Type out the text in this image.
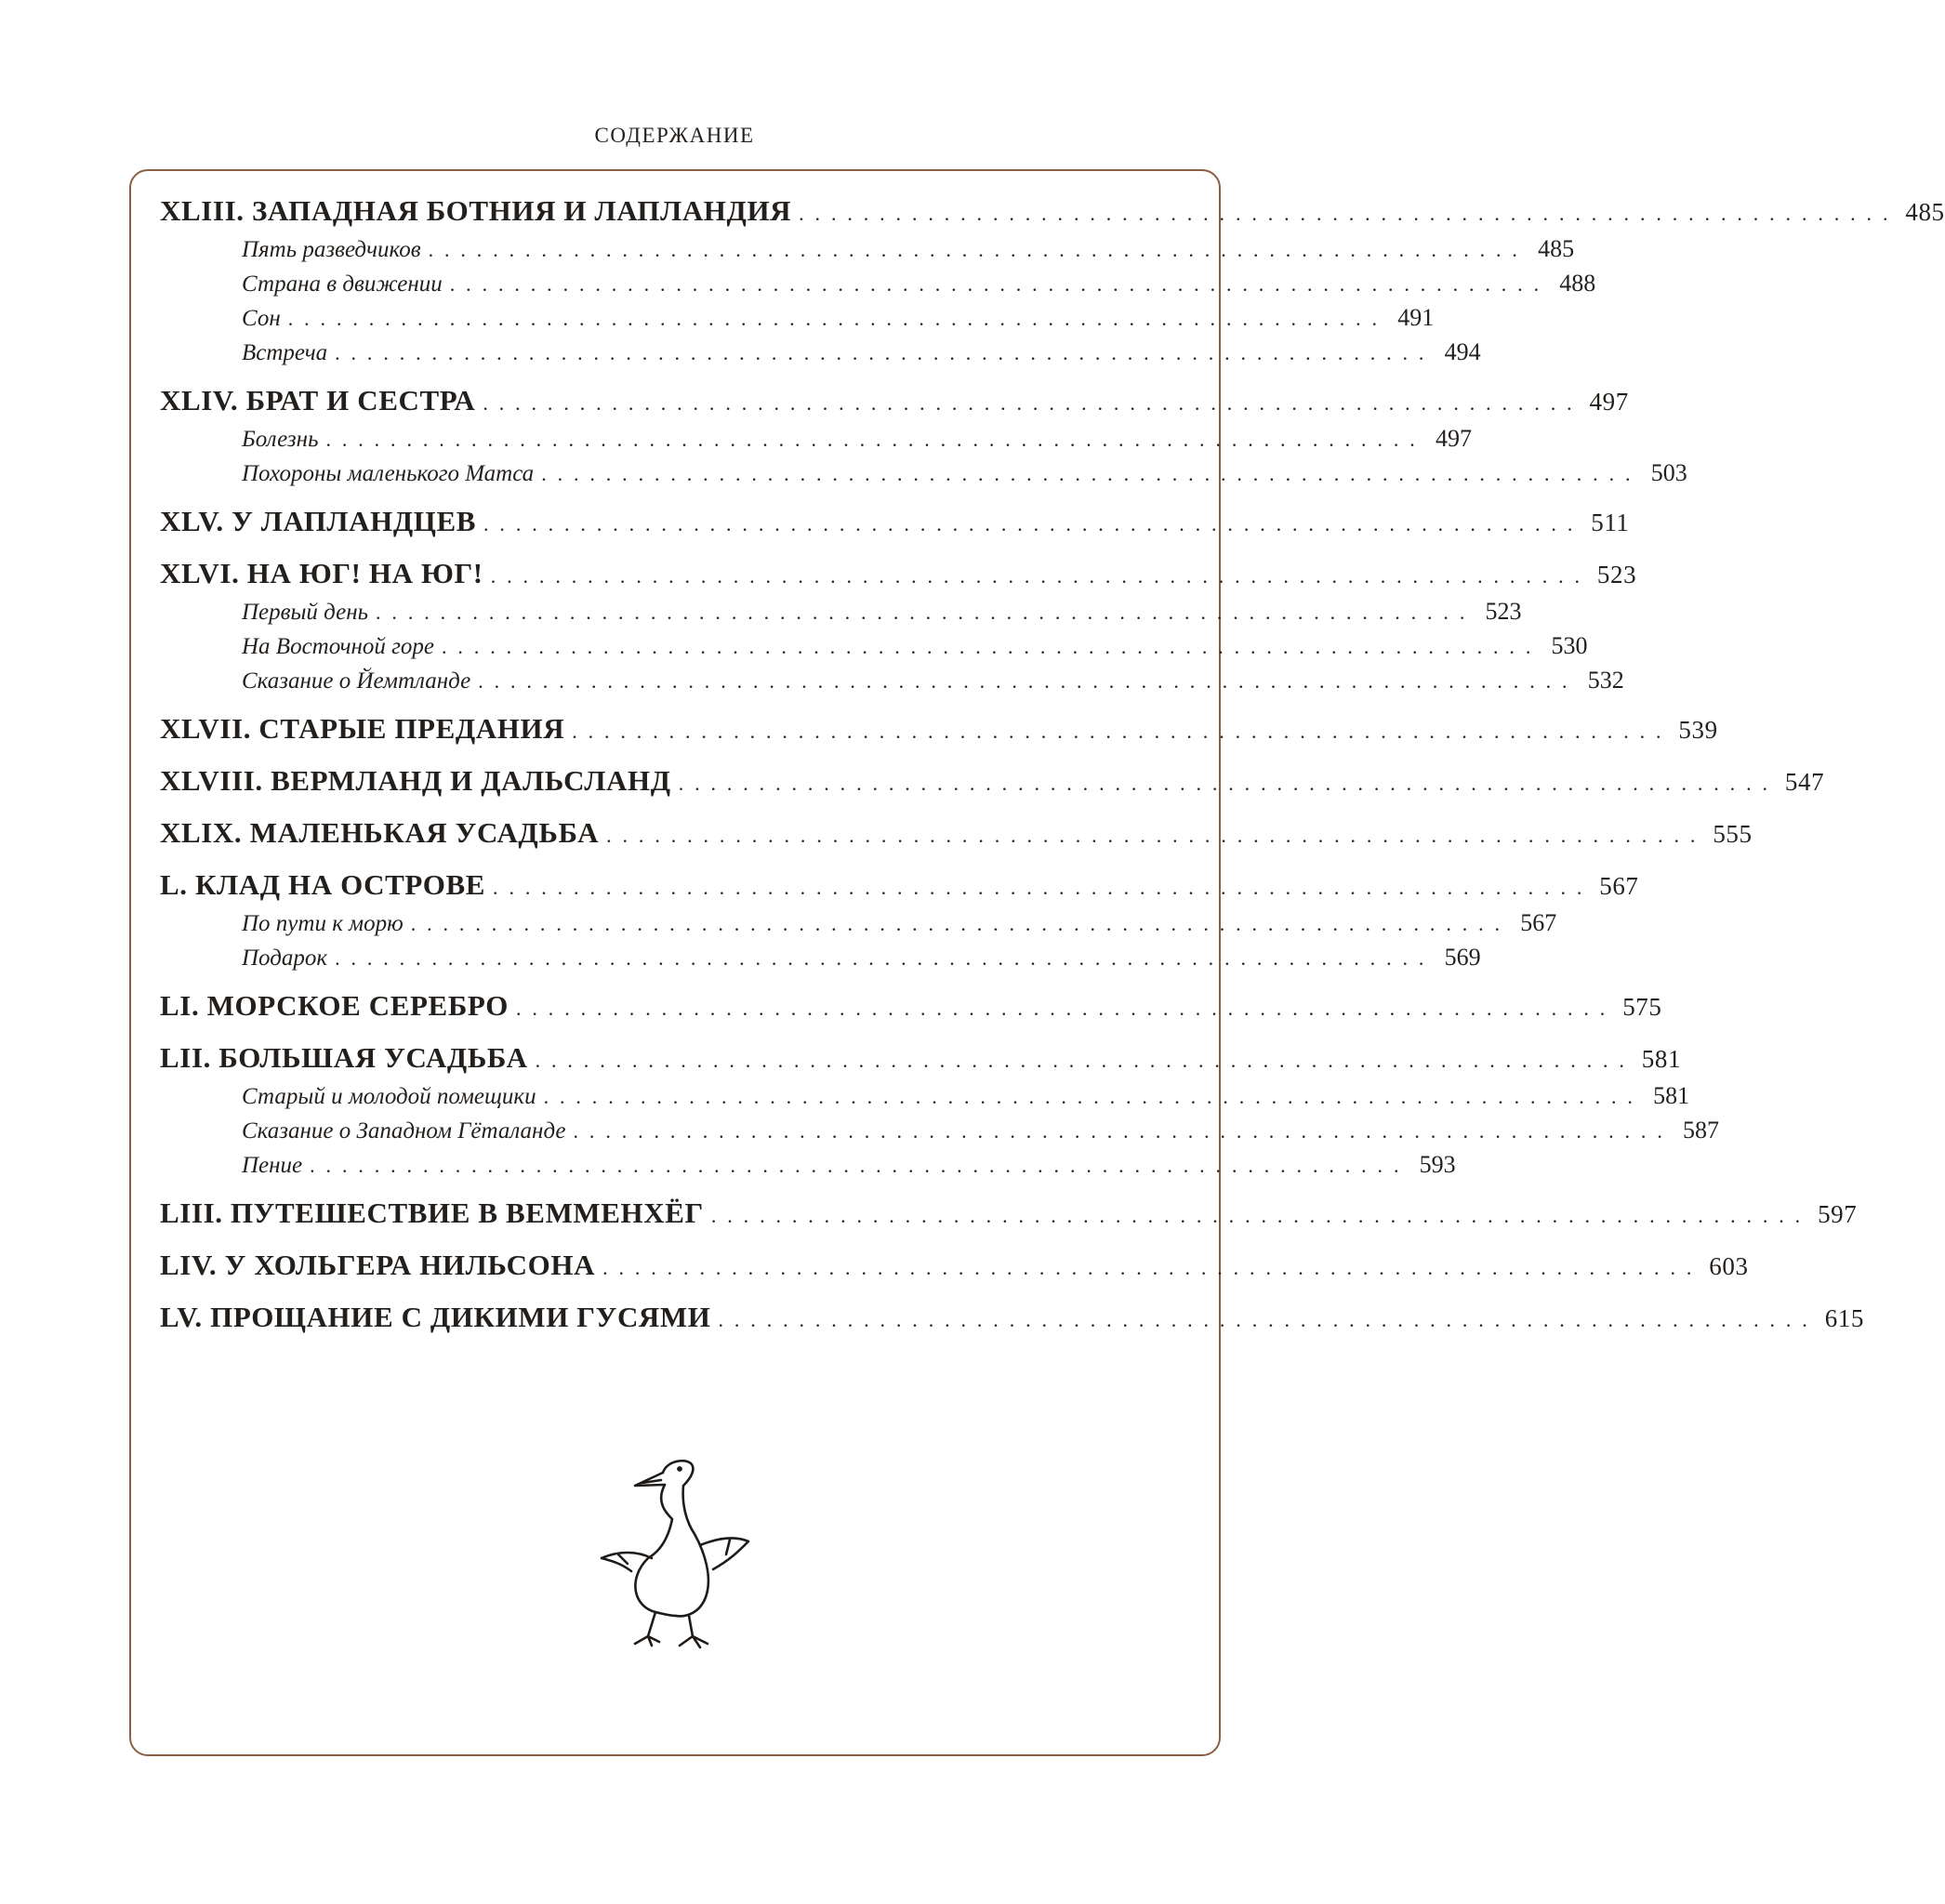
СОДЕРЖАНИЕ
XLIII. ЗАПАДНАЯ БОТНИЯ И ЛАПЛАНДИЯ . . . . . . . . . . . . . . . . . . . . . . . . . . . . . . . . . . . . . . . . . . . . . . . . . . . . . . . . . . . . . . . . . . . . 485
Пять разведчиков . . . . . . . . . . . . . . . . . . . . . . . . . . . . . . . . . . . . . . . . . . . . . . . . . . . . . . . . . . . . . . . . . . . . 485
Страна в движении . . . . . . . . . . . . . . . . . . . . . . . . . . . . . . . . . . . . . . . . . . . . . . . . . . . . . . . . . . . . . . . . . . . . 488
Сон . . . . . . . . . . . . . . . . . . . . . . . . . . . . . . . . . . . . . . . . . . . . . . . . . . . . . . . . . . . . . . . . . . . . 491
Встреча . . . . . . . . . . . . . . . . . . . . . . . . . . . . . . . . . . . . . . . . . . . . . . . . . . . . . . . . . . . . . . . . . . . . 494
XLIV. БРАТ И СЕСТРА . . . . . . . . . . . . . . . . . . . . . . . . . . . . . . . . . . . . . . . . . . . . . . . . . . . . . . . . . . . . . . . . . . . . 497
Болезнь . . . . . . . . . . . . . . . . . . . . . . . . . . . . . . . . . . . . . . . . . . . . . . . . . . . . . . . . . . . . . . . . . . . . 497
Похороны маленького Матса . . . . . . . . . . . . . . . . . . . . . . . . . . . . . . . . . . . . . . . . . . . . . . . . . . . . . . . . . . . . . . . . . . . . 503
XLV. У ЛАПЛАНДЦЕВ . . . . . . . . . . . . . . . . . . . . . . . . . . . . . . . . . . . . . . . . . . . . . . . . . . . . . . . . . . . . . . . . . . . . 511
XLVI. НА ЮГ! НА ЮГ! . . . . . . . . . . . . . . . . . . . . . . . . . . . . . . . . . . . . . . . . . . . . . . . . . . . . . . . . . . . . . . . . . . . . 523
Первый день . . . . . . . . . . . . . . . . . . . . . . . . . . . . . . . . . . . . . . . . . . . . . . . . . . . . . . . . . . . . . . . . . . . . 523
На Восточной горе . . . . . . . . . . . . . . . . . . . . . . . . . . . . . . . . . . . . . . . . . . . . . . . . . . . . . . . . . . . . . . . . . . . . 530
Сказание о Йемтланде . . . . . . . . . . . . . . . . . . . . . . . . . . . . . . . . . . . . . . . . . . . . . . . . . . . . . . . . . . . . . . . . . . . . 532
XLVII. СТАРЫЕ ПРЕДАНИЯ . . . . . . . . . . . . . . . . . . . . . . . . . . . . . . . . . . . . . . . . . . . . . . . . . . . . . . . . . . . . . . . . . . . . 539
XLVIII. ВЕРМЛАНД И ДАЛЬСЛАНД . . . . . . . . . . . . . . . . . . . . . . . . . . . . . . . . . . . . . . . . . . . . . . . . . . . . . . . . . . . . . . . . . . . . 547
XLIX. МАЛЕНЬКАЯ УСАДЬБА . . . . . . . . . . . . . . . . . . . . . . . . . . . . . . . . . . . . . . . . . . . . . . . . . . . . . . . . . . . . . . . . . . . . 555
L. КЛАД НА ОСТРОВЕ . . . . . . . . . . . . . . . . . . . . . . . . . . . . . . . . . . . . . . . . . . . . . . . . . . . . . . . . . . . . . . . . . . . . 567
По пути к морю . . . . . . . . . . . . . . . . . . . . . . . . . . . . . . . . . . . . . . . . . . . . . . . . . . . . . . . . . . . . . . . . . . . . 567
Подарок . . . . . . . . . . . . . . . . . . . . . . . . . . . . . . . . . . . . . . . . . . . . . . . . . . . . . . . . . . . . . . . . . . . . 569
LI. МОРСКОЕ СЕРЕБРО . . . . . . . . . . . . . . . . . . . . . . . . . . . . . . . . . . . . . . . . . . . . . . . . . . . . . . . . . . . . . . . . . . . . 575
LII. БОЛЬШАЯ УСАДЬБА . . . . . . . . . . . . . . . . . . . . . . . . . . . . . . . . . . . . . . . . . . . . . . . . . . . . . . . . . . . . . . . . . . . . 581
Старый и молодой помещики . . . . . . . . . . . . . . . . . . . . . . . . . . . . . . . . . . . . . . . . . . . . . . . . . . . . . . . . . . . . . . . . . . . . 581
Сказание о Западном Гёталанде . . . . . . . . . . . . . . . . . . . . . . . . . . . . . . . . . . . . . . . . . . . . . . . . . . . . . . . . . . . . . . . . . . . . 587
Пение . . . . . . . . . . . . . . . . . . . . . . . . . . . . . . . . . . . . . . . . . . . . . . . . . . . . . . . . . . . . . . . . . . . . 593
LIII. ПУТЕШЕСТВИЕ В ВЕММЕНХЁГ . . . . . . . . . . . . . . . . . . . . . . . . . . . . . . . . . . . . . . . . . . . . . . . . . . . . . . . . . . . . . . . . . . . . 597
LIV. У ХОЛЬГЕРА НИЛЬСОНА . . . . . . . . . . . . . . . . . . . . . . . . . . . . . . . . . . . . . . . . . . . . . . . . . . . . . . . . . . . . . . . . . . . . 603
LV. ПРОЩАНИЕ С ДИКИМИ ГУСЯМИ . . . . . . . . . . . . . . . . . . . . . . . . . . . . . . . . . . . . . . . . . . . . . . . . . . . . . . . . . . . . . . . . . . . . 615
